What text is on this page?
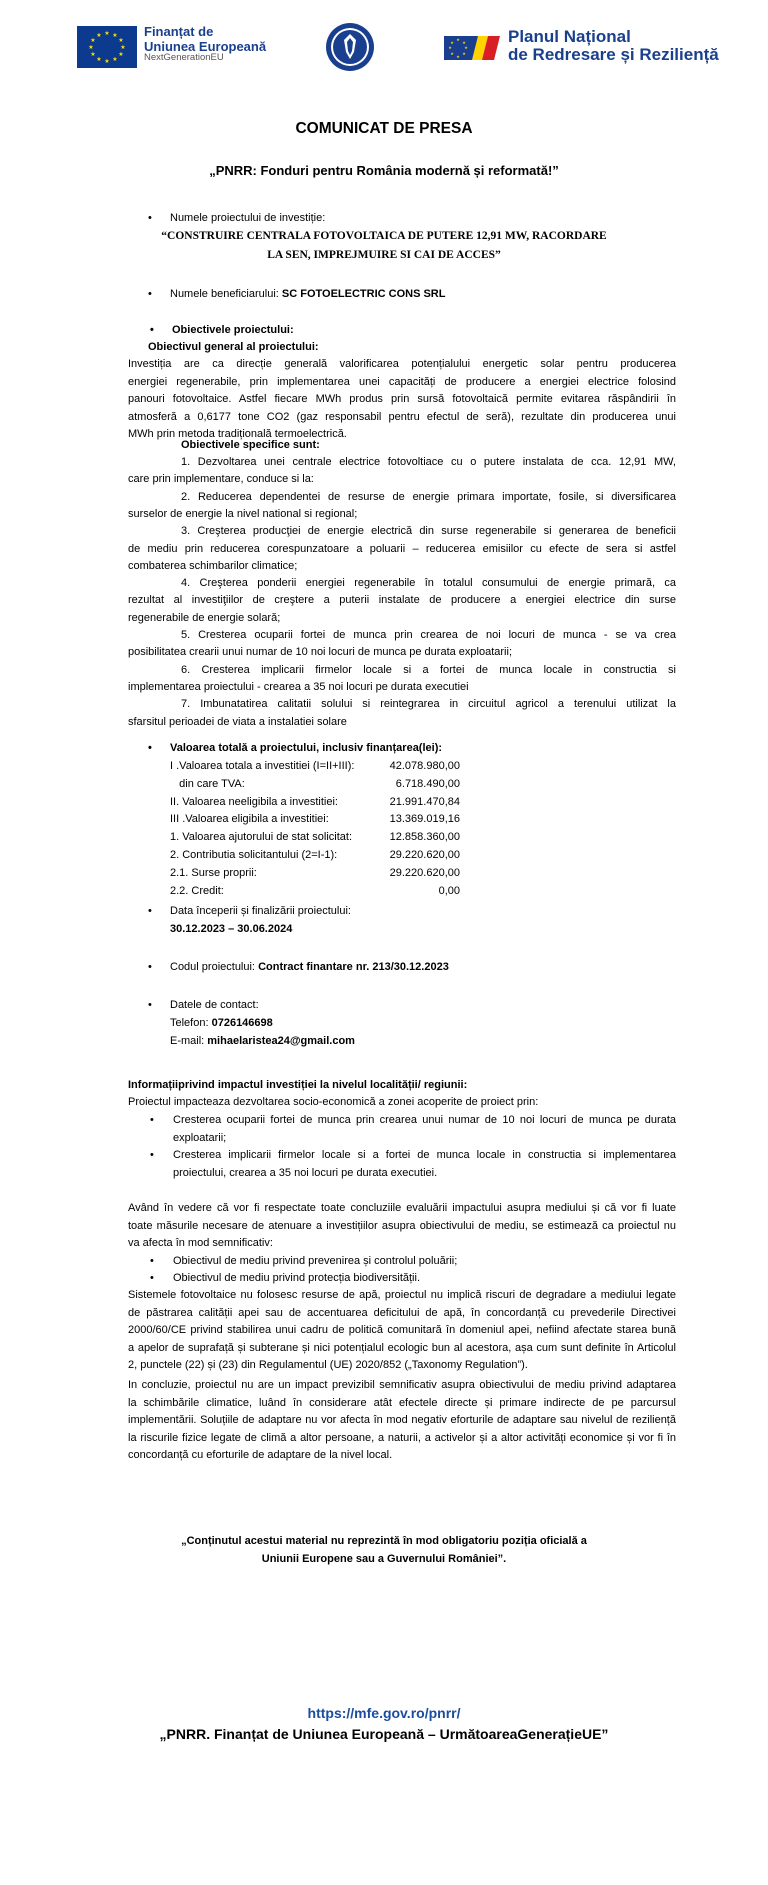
★ ★
★
★
★
★
★
★
★
★
★
★	Finanțat de
Uniunea Europeană
NextGenerationEU
★
★
★
★
★
★
★
★	Planul Național
de Redresare și Reziliență
COMUNICAT DE PRESA
„PNRR: Fonduri pentru România modernă și reformată!”
• Numele proiectului de investiție:
“CONSTRUIRE CENTRALA FOTOVOLTAICA DE PUTERE 12,91 MW, RACORDARE
LA SEN, IMPREJMUIRE SI CAI DE ACCES”
• Numele beneficiarului: SC FOTOELECTRIC CONS SRL
• Obiectivele proiectului:
Obiectivul general al proiectului:
Investiția are ca direcție generală valorificarea potențialului energetic solar pentru producerea
energiei regenerabile, prin implementarea unei capacități de producere a energiei electrice folosind
panouri fotovoltaice. Astfel fiecare MWh produs prin sursă fotovoltaică permite evitarea răspândirii în
atmosferă a 0,6177 tone CO2 (gaz responsabil pentru efectul de seră), rezultate din producerea unui
MWh prin metoda tradițională termoelectrică.
Obiectivele specifice sunt:
1. Dezvoltarea unei centrale electrice fotovoltiace cu o putere instalata de cca. 12,91 MW,
care prin implementare, conduce si la:
2. Reducerea dependentei de resurse de energie primara importate, fosile, si diversificarea
surselor de energie la nivel national si regional;
3. Creşterea producţiei de energie electrică din surse regenerabile si generarea de beneficii
de mediu prin reducerea corespunzatoare a poluarii – reducerea emisiilor cu efecte de sera si astfel
combaterea schimbarilor climatice;
4. Creşterea ponderii energiei regenerabile în totalul consumului de energie primară, ca
rezultat al investiţiilor de creştere a puterii instalate de producere a energiei electrice din surse
regenerabile de energie solară;
5. Cresterea ocuparii fortei de munca prin crearea de noi locuri de munca - se va crea
posibilitatea crearii unui numar de 10 noi locuri de munca pe durata exploatarii;
6. Cresterea implicarii firmelor locale si a fortei de munca locale in constructia si
implementarea proiectului - crearea a 35 noi locuri pe durata executiei
7. Imbunatatirea calitatii solului si reintegrarea in circuitul agricol a terenului utilizat la
sfarsitul perioadei de viata a instalatiei solare
• Valoarea totală a proiectului, inclusiv finanțarea(lei):
I .Valoarea totala a investitiei (I=II+III):	42.078.980,00
din care TVA:	6.718.490,00
II. Valoarea neeligibila a investitiei:	21.991.470,84
III .Valoarea eligibila a investitiei:	13.369.019,16
1. Valoarea ajutorului de stat solicitat:	12.858.360,00
2. Contributia solicitantului (2=I-1):	29.220.620,00
2.1. Surse proprii:	29.220.620,00
2.2. Credit:	0,00
• Data începerii și finalizării proiectului:
30.12.2023 – 30.06.2024
• Codul proiectului: Contract finantare nr. 213/30.12.2023
• Datele de contact:
Telefon: 0726146698
E-mail: mihaelaristea24@gmail.com
Informațiiprivind impactul investiției la nivelul localității/ regiunii:
Proiectul impacteaza dezvoltarea socio-economică a zonei acoperite de proiect prin:
• Cresterea ocuparii fortei de munca prin crearea unui numar de 10 noi locuri de munca pe durata
exploatarii;
• Cresterea implicarii firmelor locale si a fortei de munca locale in constructia si implementarea
proiectului, crearea a 35 noi locuri pe durata executiei.
Având în vedere că vor fi respectate toate concluziile evaluării impactului asupra mediului și că vor fi luate
toate măsurile necesare de atenuare a investițiilor asupra obiectivului de mediu, se estimează ca proiectul nu
va afecta în mod semnificativ:
• Obiectivul de mediu privind prevenirea și controlul poluării;
• Obiectivul de mediu privind protecția biodiversității.
Sistemele fotovoltaice nu folosesc resurse de apă, proiectul nu implică riscuri de degradare a mediului legate
de păstrarea calității apei sau de accentuarea deficitului de apă, în concordanță cu prevederile Directivei
2000/60/CE privind stabilirea unui cadru de politică comunitară în domeniul apei, nefiind afectate starea bună
a apelor de suprafață și subterane și nici potențialul ecologic bun al acestora, așa cum sunt definite în Articolul
2, punctele (22) și (23) din Regulamentul (UE) 2020/852 („Taxonomy Regulation”).
In concluzie, proiectul nu are un impact previzibil semnificativ asupra obiectivului de mediu privind adaptarea
la schimbările climatice, luând în considerare atât efectele directe și primare indirecte de pe parcursul
implementării. Soluțiile de adaptare nu vor afecta în mod negativ eforturile de adaptare sau nivelul de reziliență
la riscurile fizice legate de climă a altor persoane, a naturii, a activelor și a altor activități economice și vor fi în
concordanță cu eforturile de adaptare de la nivel local.
„Conținutul acestui material nu reprezintă în mod obligatoriu poziția oficială a
Uniunii Europene sau a Guvernului României”.
https://mfe.gov.ro/pnrr/
„PNRR. Finanțat de Uniunea Europeană – UrmătoareaGenerațieUE”
